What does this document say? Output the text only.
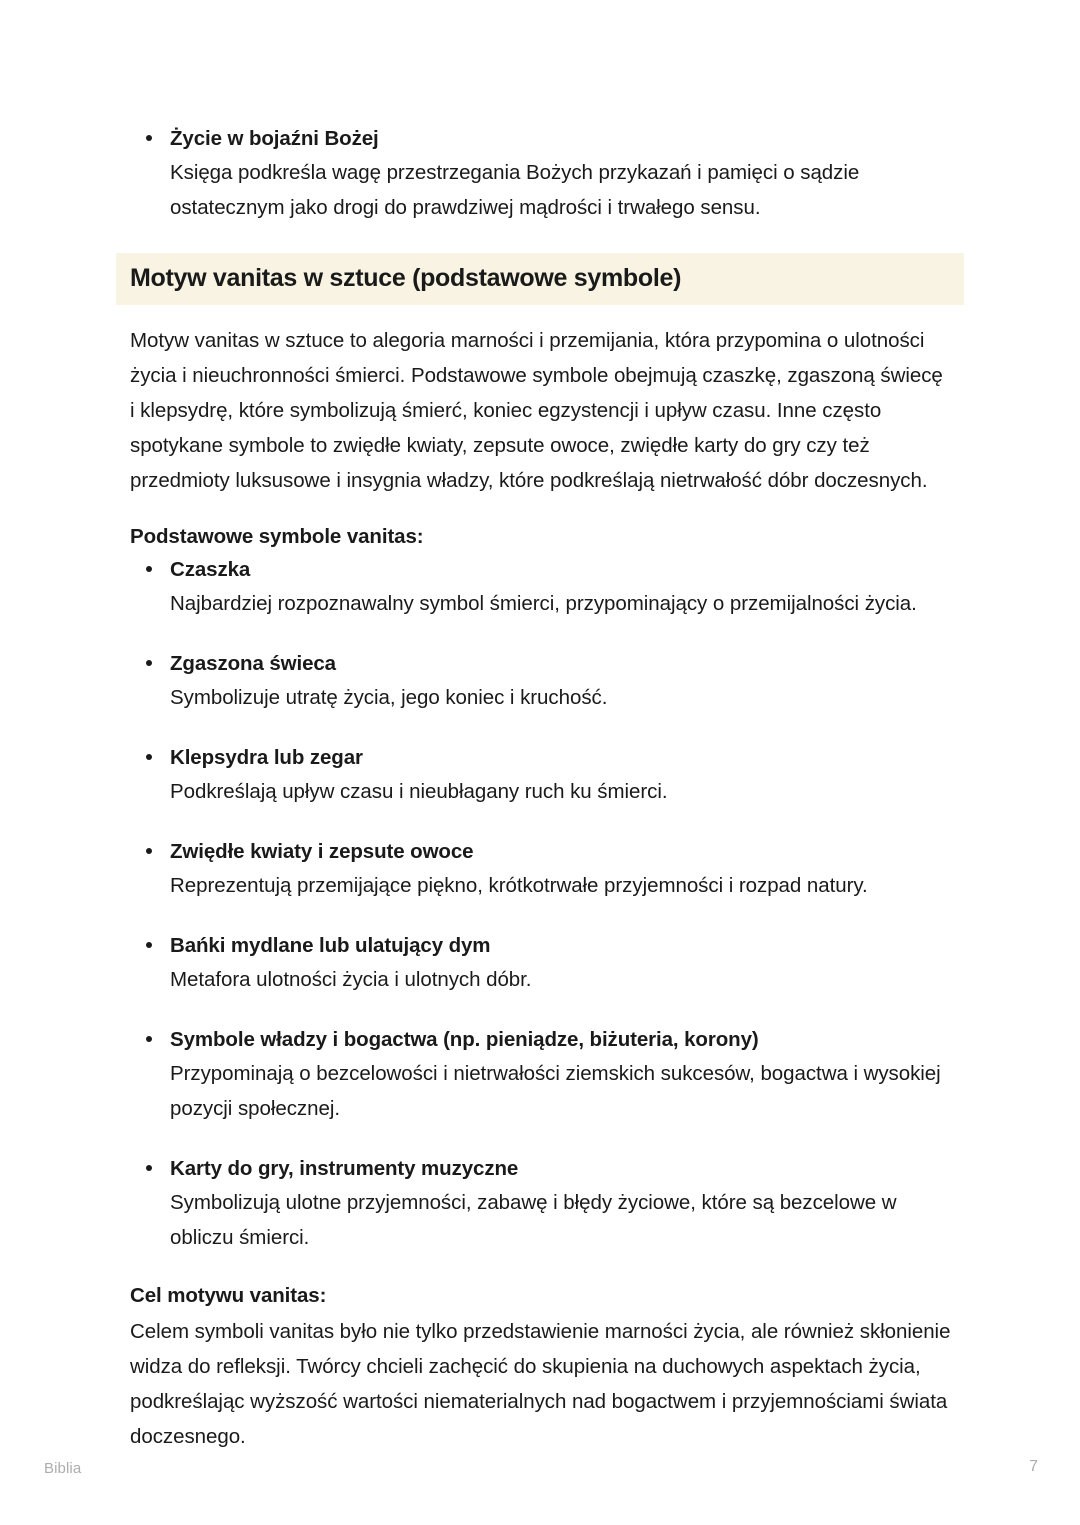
Życie w bojaźni Bożej
Księga podkreśla wagę przestrzegania Bożych przykazań i pamięci o sądzie ostatecznym jako drogi do prawdziwej mądrości i trwałego sensu.
Motyw vanitas w sztuce (podstawowe symbole)

Motyw vanitas w sztuce to alegoria marności i przemijania, która przypomina o ulotności życia i nieuchronności śmierci. Podstawowe symbole obejmują czaszkę, zgaszoną świecę i klepsydrę, które symbolizują śmierć, koniec egzystencji i upływ czasu. Inne często spotykane symbole to zwiędłe kwiaty, zepsute owoce, zwiędłe karty do gry czy też przedmioty luksusowe i insygnia władzy, które podkreślają nietrwałość dóbr doczesnych.

Podstawowe symbole vanitas:

Czaszka
Najbardziej rozpoznawalny symbol śmierci, przypominający o przemijalności życia.
Zgaszona świeca
Symbolizuje utratę życia, jego koniec i kruchość.
Klepsydra lub zegar
Podkreślają upływ czasu i nieubłagany ruch ku śmierci.
Zwiędłe kwiaty i zepsute owoce
Reprezentują przemijające piękno, krótkotrwałe przyjemności i rozpad natury.
Bańki mydlane lub ulatujący dym
Metafora ulotności życia i ulotnych dóbr.
Symbole władzy i bogactwa (np. pieniądze, biżuteria, korony)
Przypominają o bezcelowości i nietrwałości ziemskich sukcesów, bogactwa i wysokiej pozycji społecznej.
Karty do gry, instrumenty muzyczne
Symbolizują ulotne przyjemności, zabawę i błędy życiowe, które są bezcelowe w obliczu śmierci.

Cel motywu vanitas:

Celem symboli vanitas było nie tylko przedstawienie marności życia, ale również skłonienie widza do refleksji. Twórcy chcieli zachęcić do skupienia na duchowych aspektach życia, podkreślając wyższość wartości niematerialnych nad bogactwem i przyjemnościami świata doczesnego.

Biblia	7
